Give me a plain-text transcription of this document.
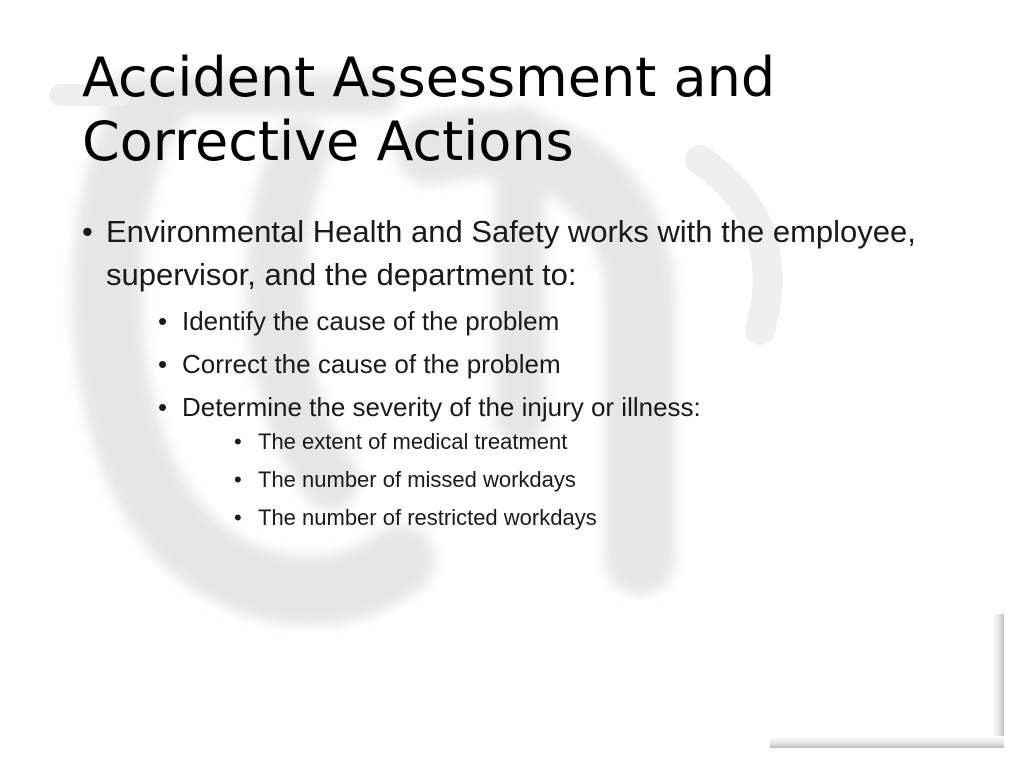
Accident Assessment and
Corrective Actions
• Environmental Health and Safety works with the employee, supervisor, and the department to:
• Identify the cause of the problem
• Correct the cause of the problem
• Determine the severity of the injury or illness:
• The extent of medical treatment
• The number of missed workdays
• The number of restricted workdays
